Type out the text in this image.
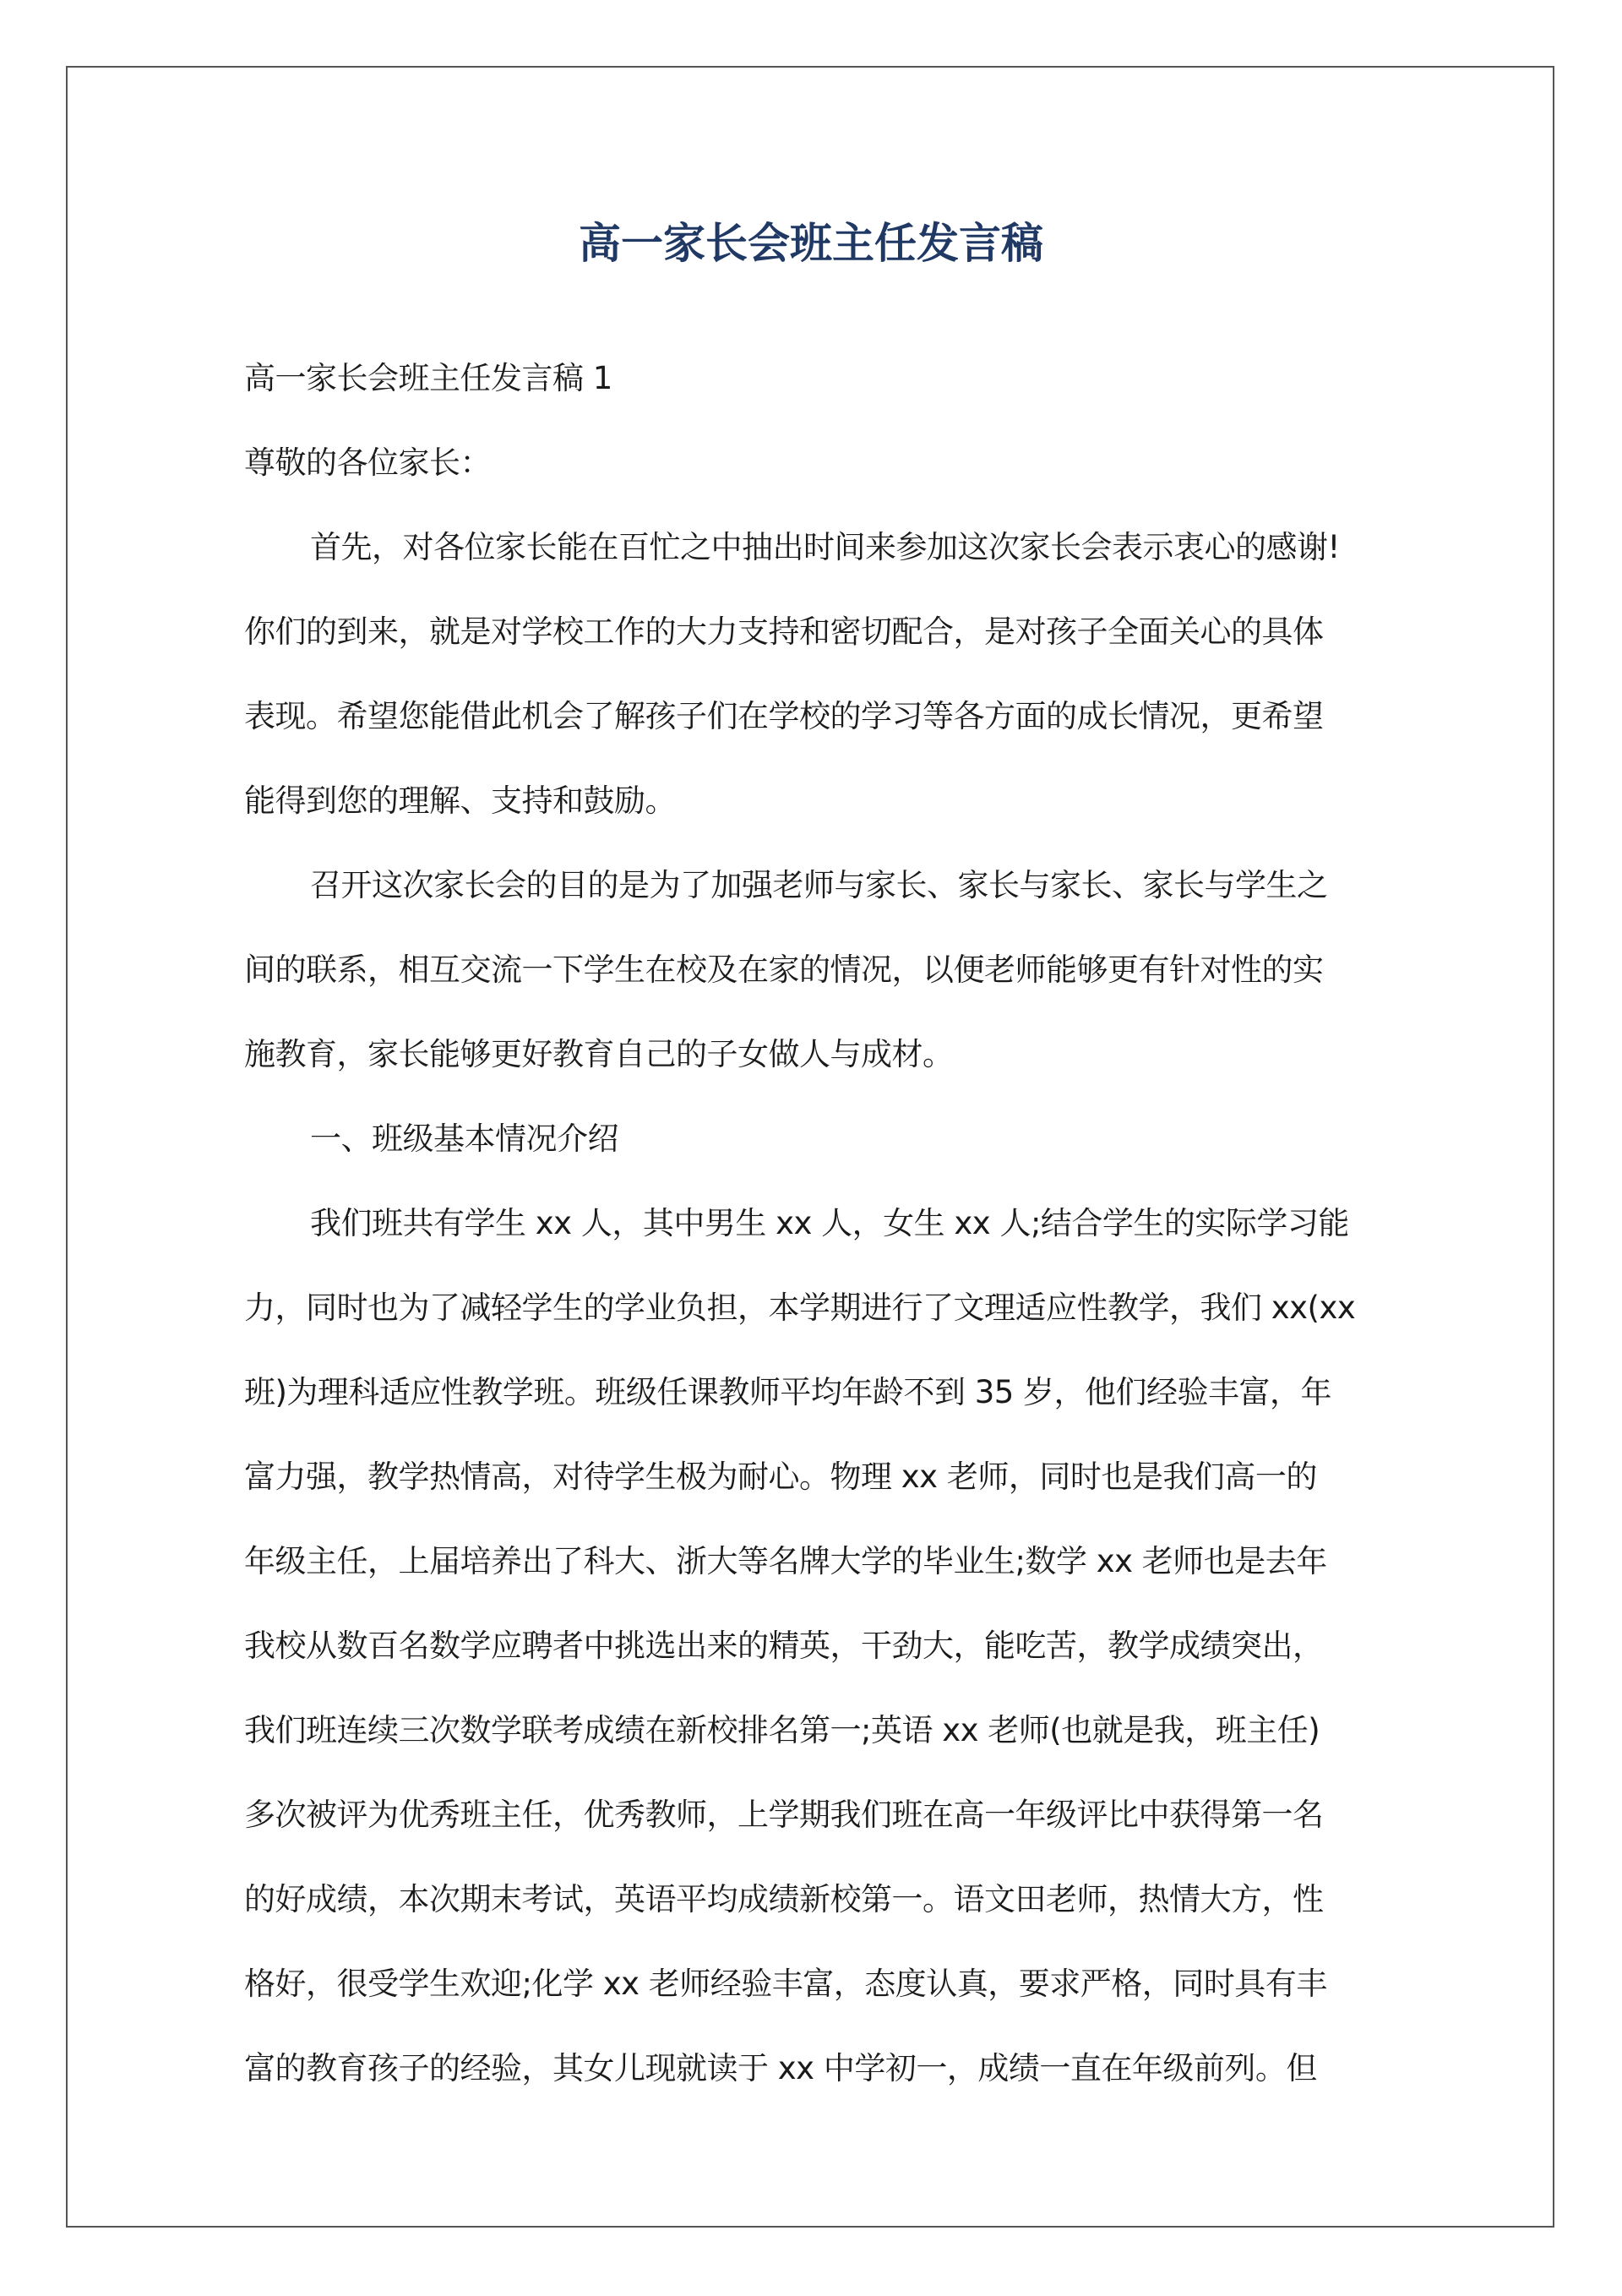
高一家长会班主任发言稿
高一家长会班主任发言稿 1
尊敬的各位家长：
首先，对各位家长能在百忙之中抽出时间来参加这次家长会表示衷心的感谢!
你们的到来，就是对学校工作的大力支持和密切配合，是对孩子全面关心的具体
表现。希望您能借此机会了解孩子们在学校的学习等各方面的成长情况，更希望
能得到您的理解、支持和鼓励。
召开这次家长会的目的是为了加强老师与家长、家长与家长、家长与学生之
间的联系，相互交流一下学生在校及在家的情况，以便老师能够更有针对性的实
施教育，家长能够更好教育自己的子女做人与成材。
一、班级基本情况介绍
我们班共有学生 xx 人，其中男生 xx 人，女生 xx 人;结合学生的实际学习能
力，同时也为了减轻学生的学业负担，本学期进行了文理适应性教学，我们 xx(xx
班)为理科适应性教学班。班级任课教师平均年龄不到 35 岁，他们经验丰富，年
富力强，教学热情高，对待学生极为耐心。物理 xx 老师，同时也是我们高一的
年级主任，上届培养出了科大、浙大等名牌大学的毕业生;数学 xx 老师也是去年
我校从数百名数学应聘者中挑选出来的精英，干劲大，能吃苦，教学成绩突出，
我们班连续三次数学联考成绩在新校排名第一;英语 xx 老师(也就是我，班主任)
多次被评为优秀班主任，优秀教师，上学期我们班在高一年级评比中获得第一名
的好成绩，本次期末考试，英语平均成绩新校第一。语文田老师，热情大方，性
格好，很受学生欢迎;化学 xx 老师经验丰富，态度认真，要求严格，同时具有丰
富的教育孩子的经验，其女儿现就读于 xx 中学初一，成绩一直在年级前列。但
